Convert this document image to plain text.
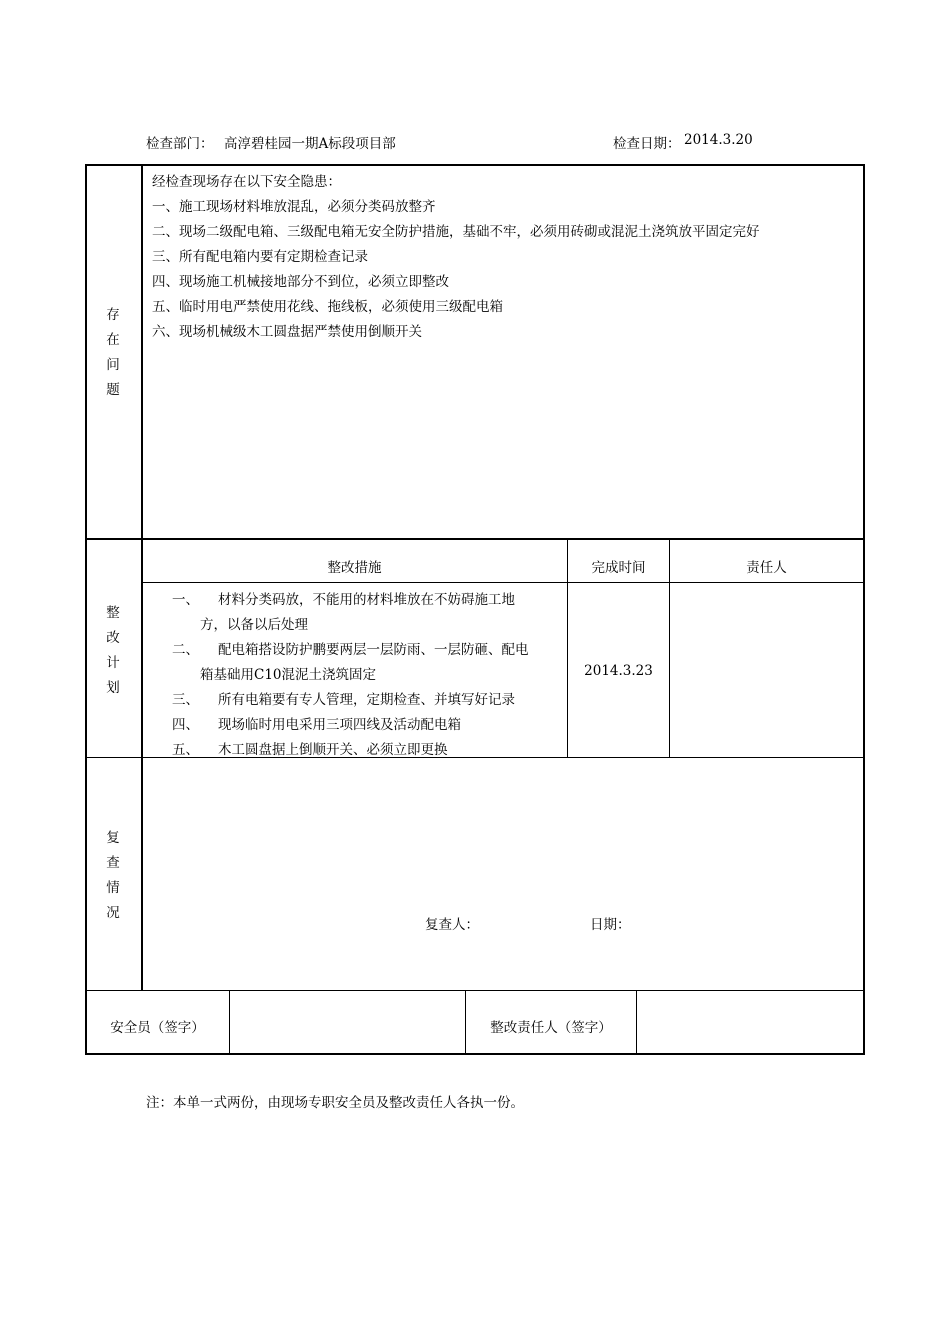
检查部门： 高淳碧桂园一期A标段项目部	检查日期： 2014.3.20
存
在
问
题
经检查现场存在以下安全隐患：
一、施工现场材料堆放混乱，必须分类码放整齐
二、现场二级配电箱、三级配电箱无安全防护措施，基础不牢，必须用砖砌或混泥土浇筑放平固定完好
三、所有配电箱内要有定期检查记录
四、现场施工机械接地部分不到位，必须立即整改
五、临时用电严禁使用花线、拖线板，必须使用三级配电箱
六、现场机械级木工圆盘据严禁使用倒顺开关
整
改
计
划
整改措施	完成时间	责任人
一、 材料分类码放，不能用的材料堆放在不妨碍施工地
方，以备以后处理
二、 配电箱搭设防护鹏要两层一层防雨、一层防砸、配电
箱基础用C10混泥土浇筑固定
三、 所有电箱要有专人管理，定期检查、并填写好记录
四、 现场临时用电采用三项四线及活动配电箱
五、 木工圆盘据上倒顺开关、必须立即更换
2014.3.23
复
查
情
况
复查人：	日期：
安全员（签字）	整改责任人（签字）
注：本单一式两份，由现场专职安全员及整改责任人各执一份。
